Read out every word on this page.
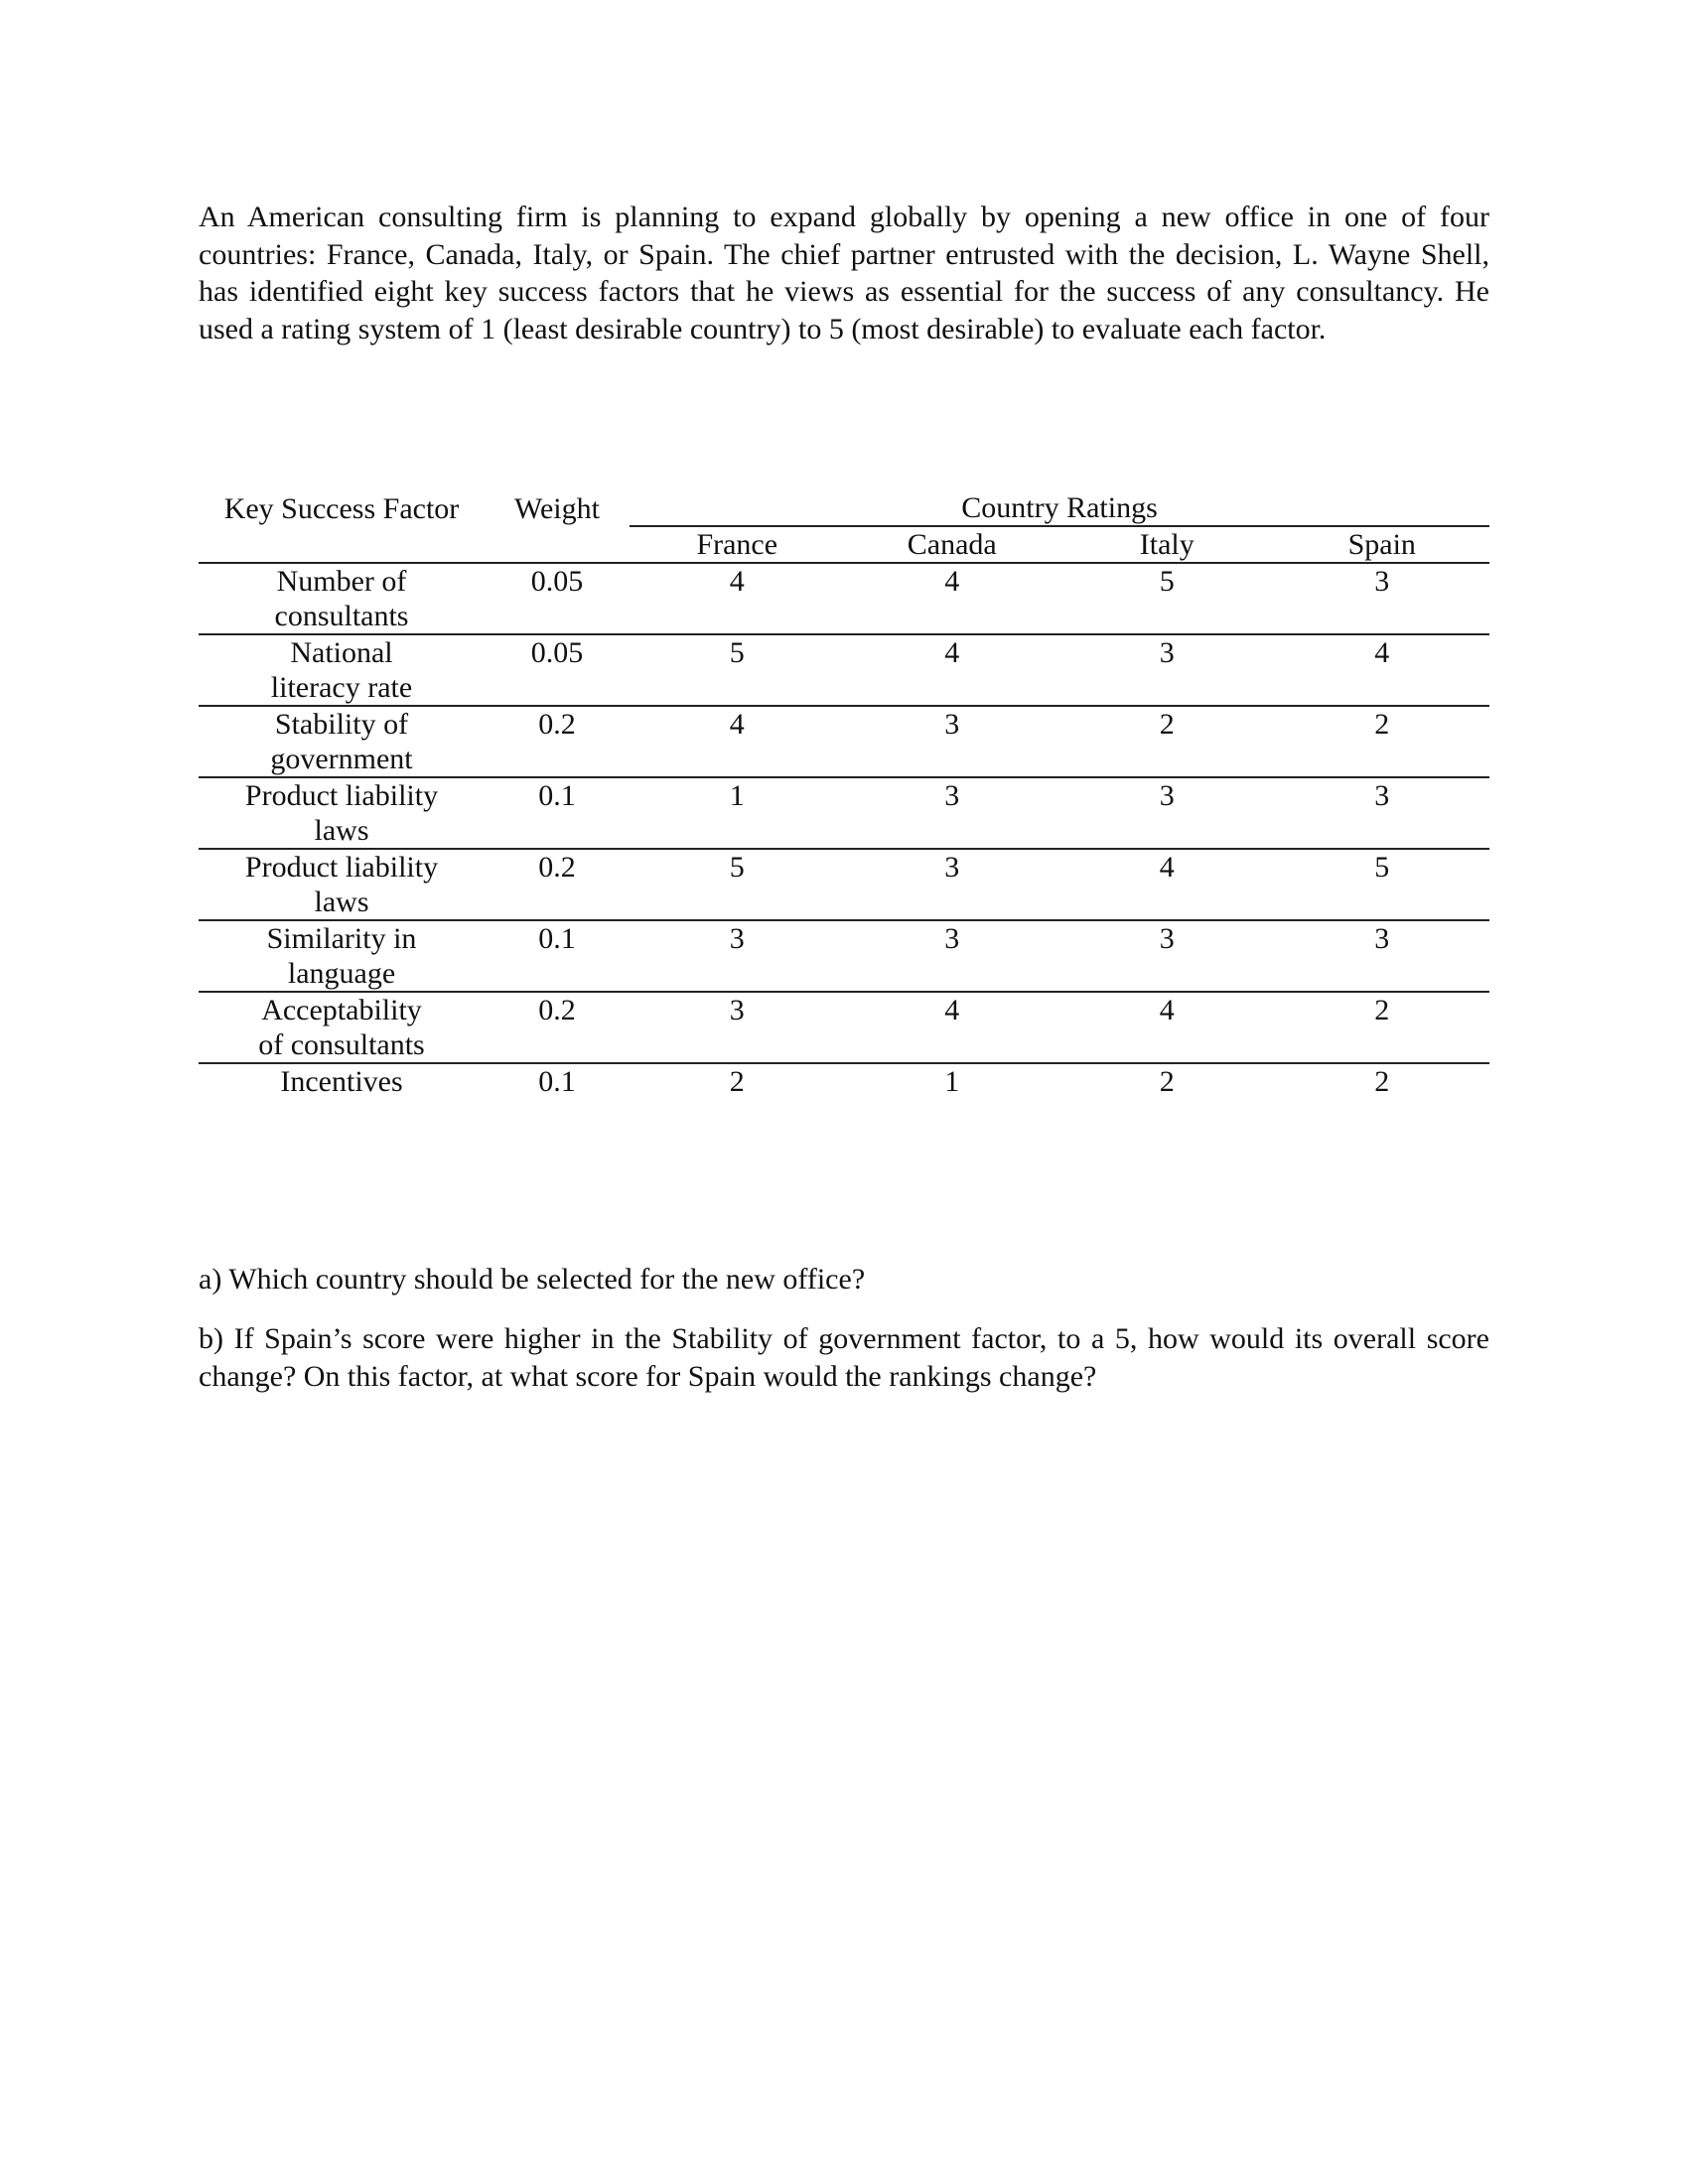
An American consulting firm is planning to expand globally by opening a new office in one of four countries: France, Canada, Italy, or Spain. The chief partner entrusted with the decision, L. Wayne Shell, has identified eight key success factors that he views as essential for the success of any consultancy. He used a rating system of 1 (least desirable country) to 5 (most desirable) to evaluate each factor.

Key Success Factor	Weight	Country Ratings			
		France	Canada	Italy	Spain
Number of
consultants	0.05	4	4	5	3
National
literacy rate	0.05	5	4	3	4
Stability of
government	0.2	4	3	2	2
Product liability
laws	0.1	1	3	3	3
Product liability
laws	0.2	5	3	4	5
Similarity in
language	0.1	3	3	3	3
Acceptability
of consultants	0.2	3	4	4	2
Incentives	0.1	2	1	2	2

a) Which country should be selected for the new office?

b) If Spain’s score were higher in the Stability of government factor, to a 5, how would its overall score change? On this factor, at what score for Spain would the rankings change?
